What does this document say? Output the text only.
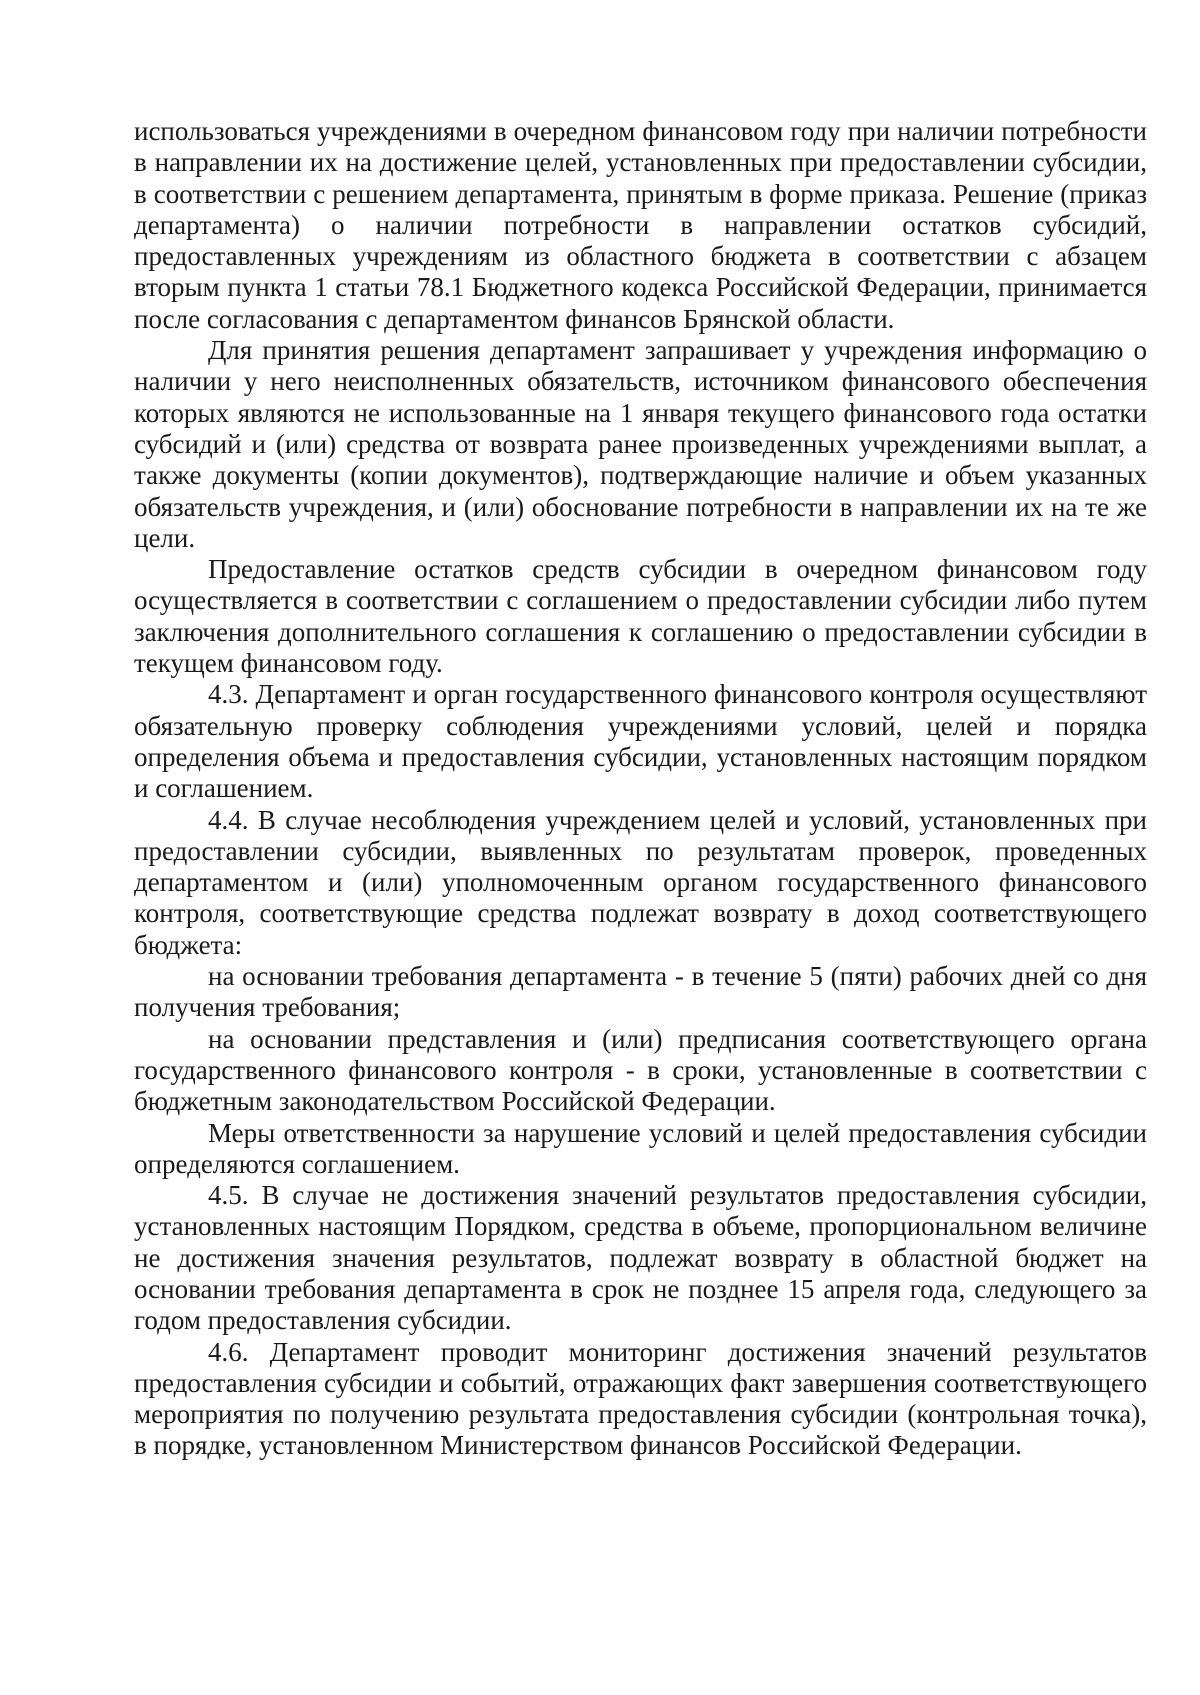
использоваться учреждениями в очередном финансовом году при наличии потребности в направлении их на достижение целей, установленных при предоставлении субсидии, в соответствии с решением департамента, принятым в форме приказа. Решение (приказ департамента) о наличии потребности в направлении остатков субсидий, предоставленных учреждениям из областного бюджета в соответствии с абзацем вторым пункта 1 статьи 78.1 Бюджетного кодекса Российской Федерации, принимается после согласования с департаментом финансов Брянской области.

Для принятия решения департамент запрашивает у учреждения информацию о наличии у него неисполненных обязательств, источником финансового обеспечения которых являются не использованные на 1 января текущего финансового года остатки субсидий и (или) средства от возврата ранее произведенных учреждениями выплат, а также документы (копии документов), подтверждающие наличие и объем указанных обязательств учреждения, и (или) обоснование потребности в направлении их на те же цели.

Предоставление остатков средств субсидии в очередном финансовом году осуществляется в соответствии с соглашением о предоставлении субсидии либо путем заключения дополнительного соглашения к соглашению о предоставлении субсидии в текущем финансовом году.

4.3. Департамент и орган государственного финансового контроля осуществляют обязательную проверку соблюдения учреждениями условий, целей и порядка определения объема и предоставления субсидии, установленных настоящим порядком и соглашением.

4.4. В случае несоблюдения учреждением целей и условий, установленных при предоставлении субсидии, выявленных по результатам проверок, проведенных департаментом и (или) уполномоченным органом государственного финансового контроля, соответствующие средства подлежат возврату в доход соответствующего бюджета:

на основании требования департамента - в течение 5 (пяти) рабочих дней со дня получения требования;

на основании представления и (или) предписания соответствующего органа государственного финансового контроля - в сроки, установленные в соответствии с бюджетным законодательством Российской Федерации.

Меры ответственности за нарушение условий и целей предоставления субсидии определяются соглашением.

4.5. В случае не достижения значений результатов предоставления субсидии, установленных настоящим Порядком, средства в объеме, пропорциональном величине не достижения значения результатов, подлежат возврату в областной бюджет на основании требования департамента в срок не позднее 15 апреля года, следующего за годом предоставления субсидии.

4.6. Департамент проводит мониторинг достижения значений результатов предоставления субсидии и событий, отражающих факт завершения соответствующего мероприятия по получению результата предоставления субсидии (контрольная точка), в порядке, установленном Министерством финансов Российской Федерации.
